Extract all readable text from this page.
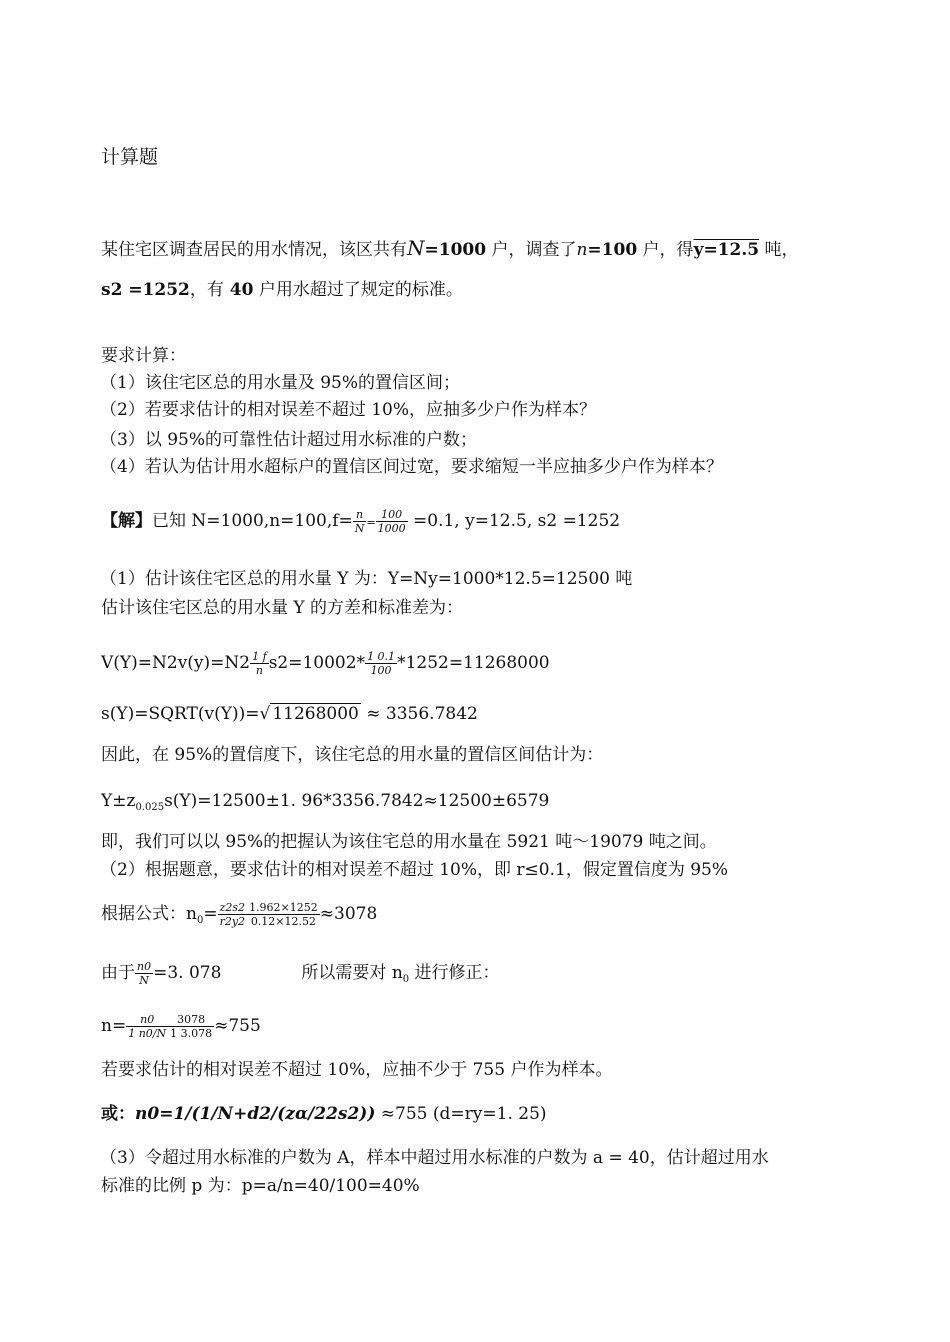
计算题
某住宅区调查居民的用水情况，该区共有N=1000 户，调查了n=100 户，得y=12.5 吨，
s2 =1252，有 40 户用水超过了规定的标准。
要求计算：
（1）该住宅区总的用水量及 95%的置信区间；
（2）若要求估计的相对误差不超过 10%，应抽多少户作为样本？
（3）以 95%的可靠性估计超过用水标准的户数；
（4）若认为估计用水超标户的置信区间过宽，要求缩短一半应抽多少户作为样本？
【解】已知 $N=1000,n=100,f= \frac{n}{N} = \frac{100}{1000} =0.1$, y=12.5, s2 =1252
（1）估计该住宅区总的用水量 Y 为：Y=Ny=1000*12.5=12500 吨
估计该住宅区总的用水量 Y 的方差和标准差为：
$V(Y)=N2v(y)=N2 \frac{1 f}{n} s2=10002* \frac{1 0.1}{100} *1252=11268000$
s(Y)=SQRT(v(Y))=√ 11268000 ≈ 3356.7842
因此，在 95%的置信度下，该住宅总的用水量的置信区间估计为：
$Y\pm z_{0.025}s(Y)=12500\pm 1$. 96*3356.7842≈12500±6579
即，我们可以以 95%的把握认为该住宅总的用水量在 5921 吨～19079 吨之间。
（2）根据题意，要求估计的相对误差不超过 10%，即 r≤0.1，假定置信度为 95%
根据公式：$n_0= \frac{z2s2}{r2y2} \frac{1.962\times 1252}{0.12\times 12.52} \approx 3078$
由于 $\frac{n0}{N} =3$. 078	所以需要对 $n_0$ 进行修正：
$n= \frac{n0}{1 n0/N} \frac{3078}{1 3.078} \approx 755$
若要求估计的相对误差不超过 10%，应抽不少于 755 户作为样本。
或：n0=1/(1/N+d2/(zα/22s2)) ≈755 (d=ry=1. 25)
（3）令超过用水标准的户数为 A，样本中超过用水标准的户数为 a = 40，估计超过用水
标准的比例 p 为：p=a/n=40/100=40%
